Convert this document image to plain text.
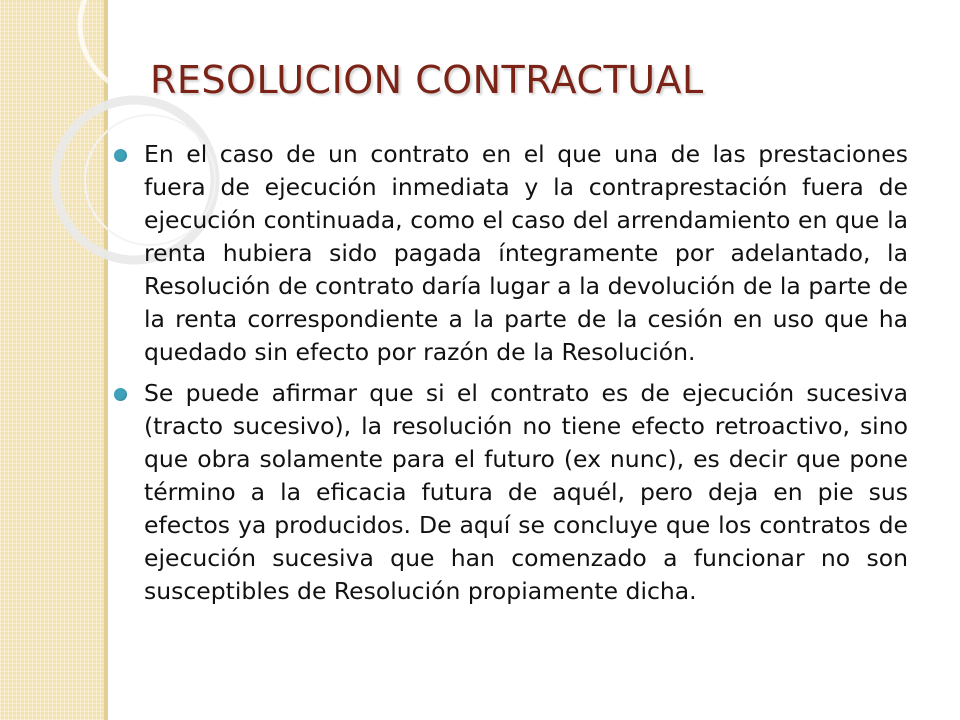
RESOLUCION CONTRACTUAL
En el caso de un contrato en el que una de las prestaciones fuera de ejecución inmediata y la contraprestación fuera de ejecución continuada, como el caso del arrendamiento en que la renta hubiera sido pagada íntegramente por adelantado, la Resolución de contrato daría lugar a la devolución de la parte de la renta correspondiente a la parte de la cesión en uso que ha quedado sin efecto por razón de la Resolución.
Se puede afirmar que si el contrato es de ejecución sucesiva (tracto sucesivo), la resolución no tiene efecto retroactivo, sino que obra solamente para el futuro (ex nunc), es decir que pone término a la eficacia futura de aquél, pero deja en pie sus efectos ya producidos. De aquí se concluye que los contratos de ejecución sucesiva que han comenzado a funcionar no son susceptibles de Resolución propiamente dicha.
